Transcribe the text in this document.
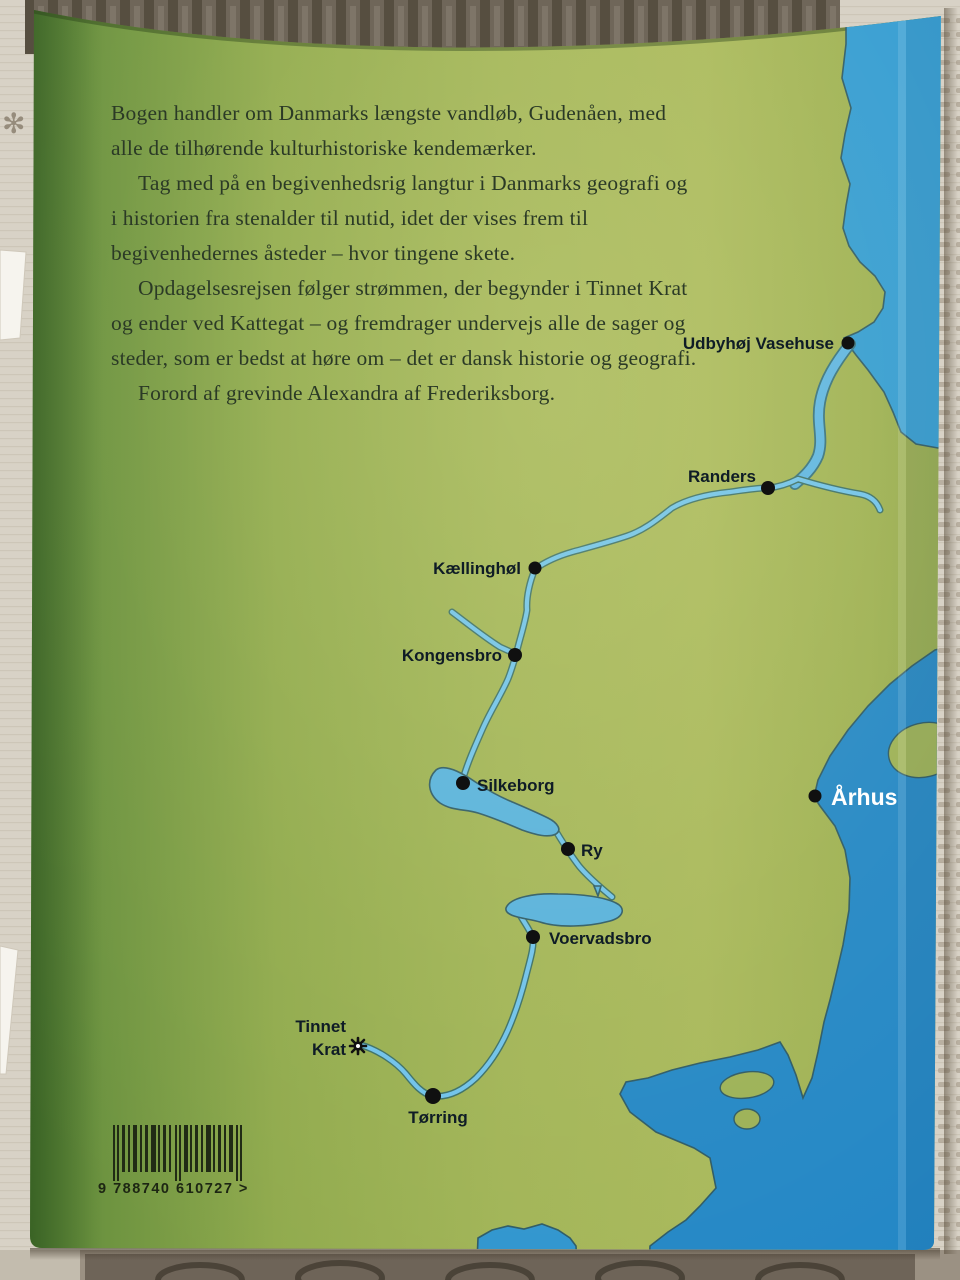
✻
Udbyhøj Vasehuse
Randers
Kællinghøl
Kongensbro
Silkeborg
Ry
Voervadsbro
Tinnet
Krat
Tørring
Århus
9 788740 610727 >

Bogen handler om Danmarks længste vandløb, Gudenåen, med alle de tilhørende kulturhistoriske kendemærker.

Tag med på en begivenhedsrig langtur i Danmarks geografi og i historien fra stenalder til nutid, idet der vises frem til begivenhedernes åsteder – hvor tingene skete.

Opdagelsesrejsen følger strømmen, der begynder i Tinnet Krat og ender ved Kattegat – og fremdrager undervejs alle de sager og steder, som er bedst at høre om – det er dansk historie og geografi.

Forord af grevinde Alexandra af Frederiksborg.
